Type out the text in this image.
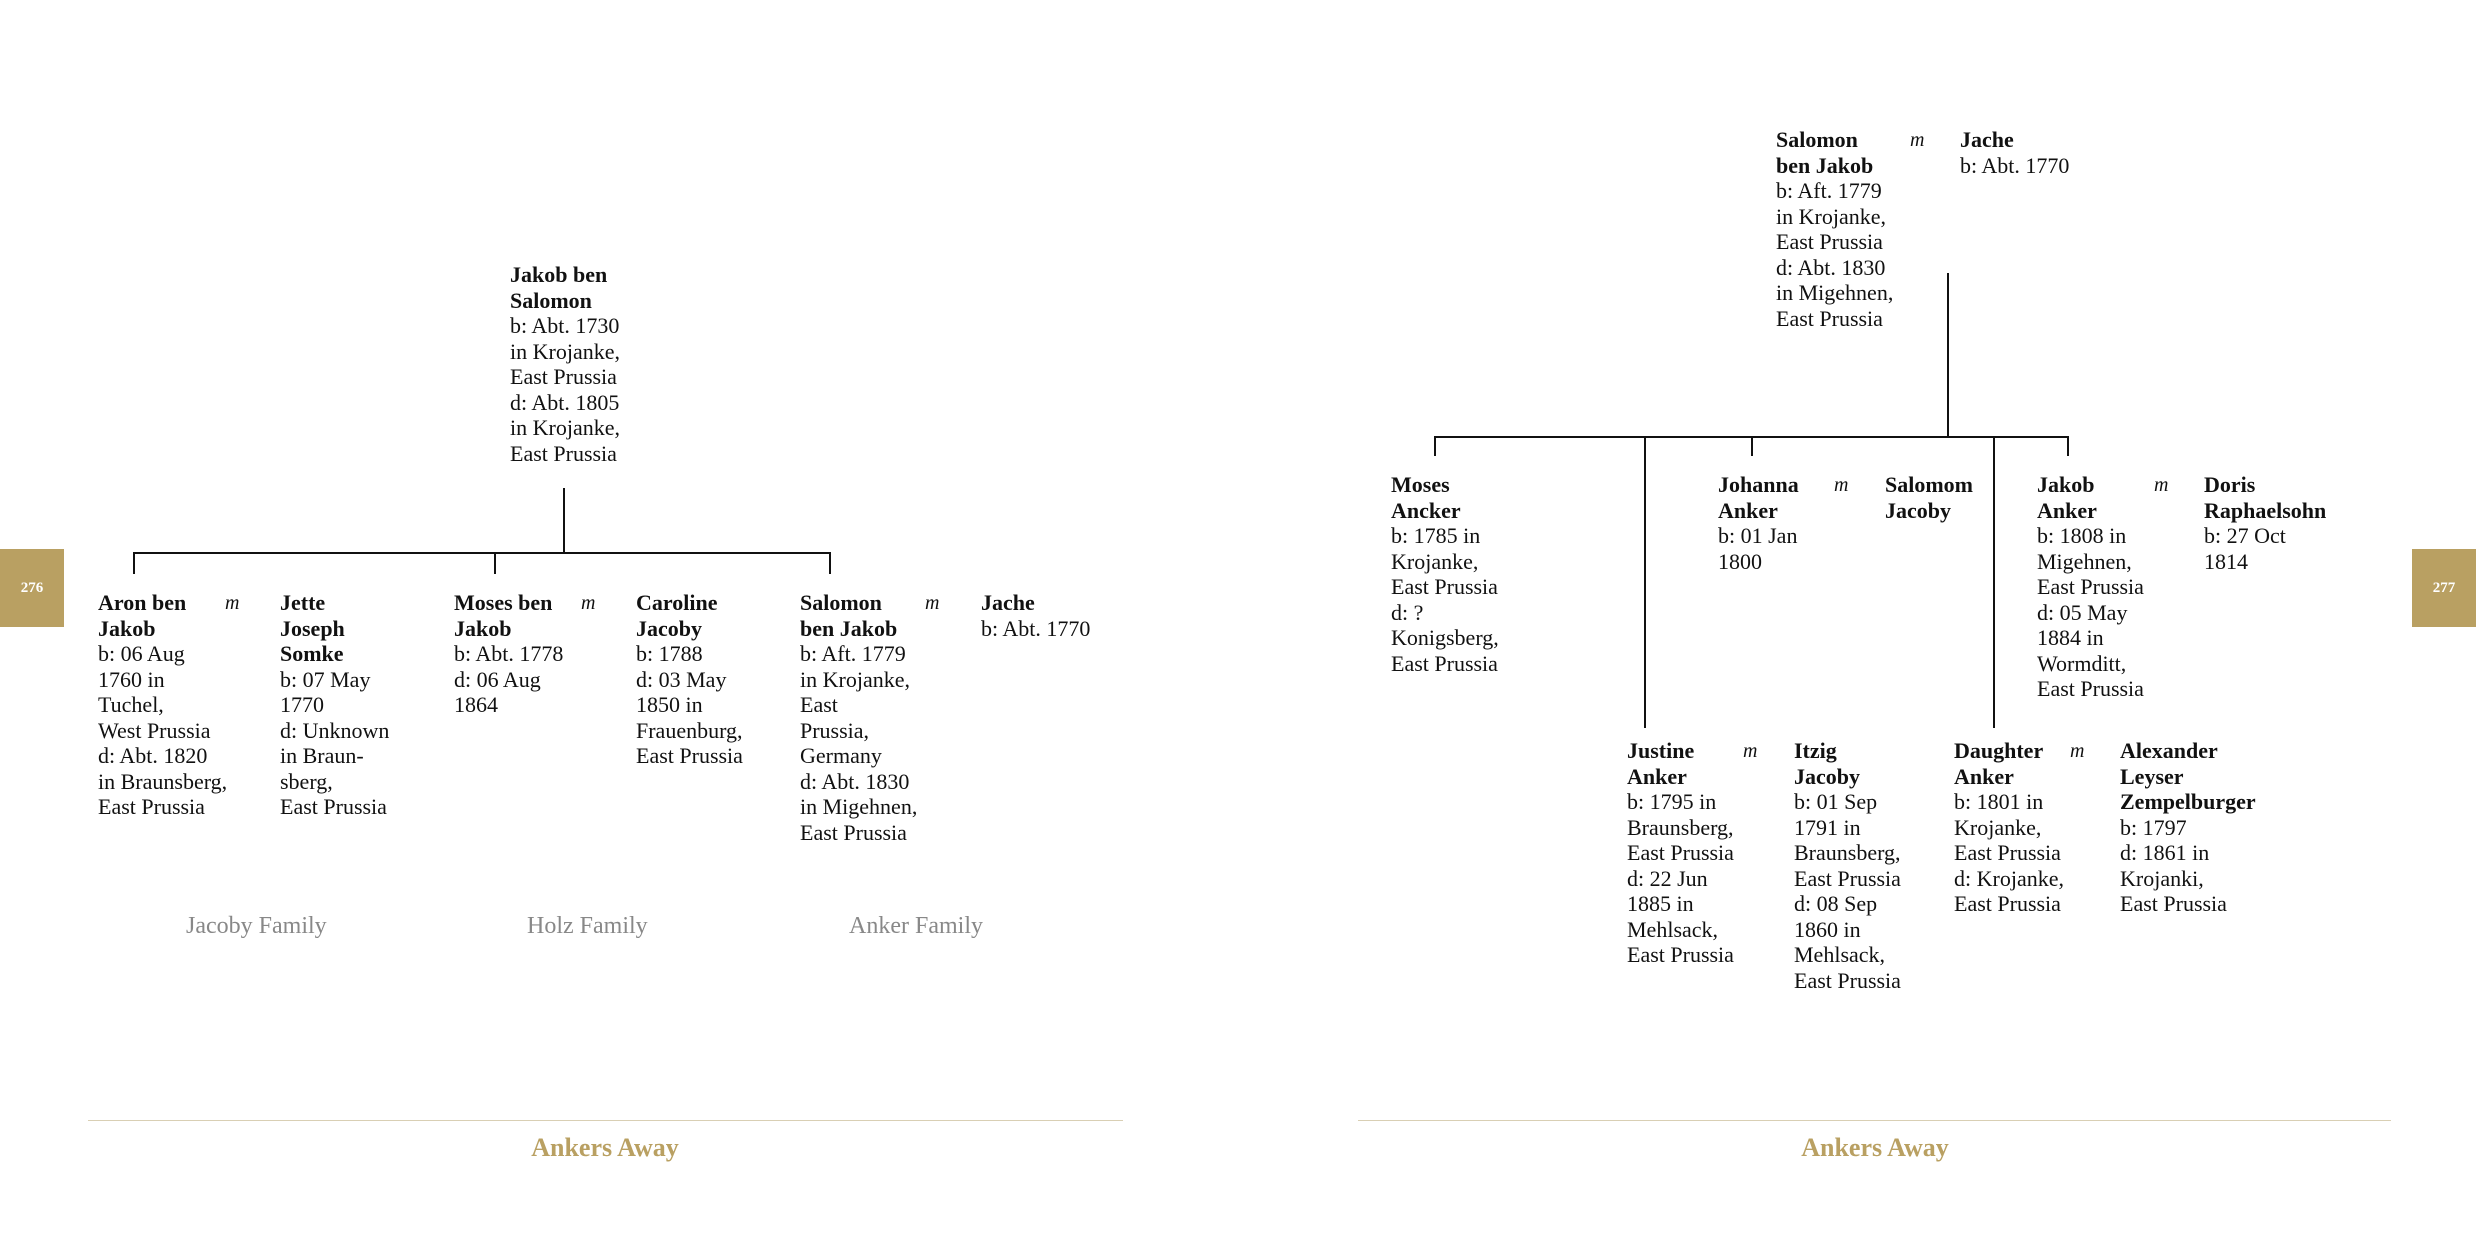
276
Jakob ben
Salomon
b: Abt. 1730
in Krojanke,
East Prussia
d: Abt. 1805
in Krojanke,
East Prussia
Aron ben
Jakob
b: 06 Aug
1760 in
Tuchel,
West Prussia
d: Abt. 1820
in Braunsberg,
East Prussia
m Jette
Joseph
Somke
b: 07 May
1770
d: Unknown
in Braun-
sberg,
East Prussia
Moses ben
Jakob
b: Abt. 1778
d: 06 Aug
1864
m Caroline
Jacoby
b: 1788
d: 03 May
1850 in
Frauenburg,
East Prussia
Salomon
ben Jakob
b: Aft. 1779
in Krojanke,
East
Prussia,
Germany
d: Abt. 1830
in Migehnen,
East Prussia
m Jache
b: Abt. 1770
Jacoby Family	Holz Family	Anker Family
Ankers Away
277
Salomon
ben Jakob
b: Aft. 1779
in Krojanke,
East Prussia
d: Abt. 1830
in Migehnen,
East Prussia
m Jache
b: Abt. 1770
Moses
Ancker
b: 1785 in
Krojanke,
East Prussia
d: ?
Konigsberg,
East Prussia
Johanna
Anker
b: 01 Jan
1800
m Salomom
Jacoby
Jakob
Anker
b: 1808 in
Migehnen,
East Prussia
d: 05 May
1884 in
Wormditt,
East Prussia
m Doris
Raphaelsohn
b: 27 Oct
1814
Justine
Anker
b: 1795 in
Braunsberg,
East Prussia
d: 22 Jun
1885 in
Mehlsack,
East Prussia
m Itzig
Jacoby
b: 01 Sep
1791 in
Braunsberg,
East Prussia
d: 08 Sep
1860 in
Mehlsack,
East Prussia
Daughter
Anker
b: 1801 in
Krojanke,
East Prussia
d: Krojanke,
East Prussia
m Alexander
Leyser
Zempelburger
b: 1797
d: 1861 in
Krojanki,
East Prussia
Ankers Away
